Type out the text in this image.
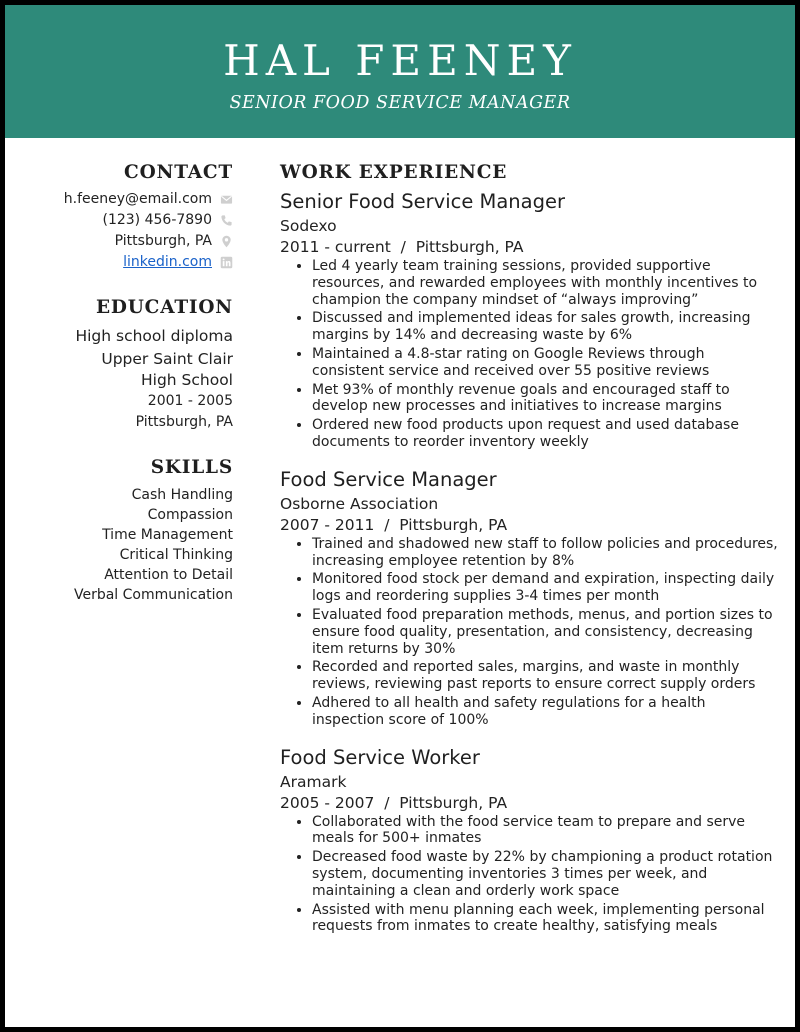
HAL FEENEY
SENIOR FOOD SERVICE MANAGER
CONTACT
h.feeney@email.com
(123) 456-7890
Pittsburgh, PA
linkedin.com
EDUCATION
High school diploma
Upper Saint Clair High School
2001 - 2005
Pittsburgh, PA
SKILLS
Cash Handling
Compassion
Time Management
Critical Thinking
Attention to Detail
Verbal Communication
WORK EXPERIENCE
Senior Food Service Manager
Sodexo
2011 - current  /  Pittsburgh, PA
• Led 4 yearly team training sessions, provided supportive resources, and rewarded employees with monthly incentives to champion the company mindset of “always improving”
• Discussed and implemented ideas for sales growth, increasing margins by 14% and decreasing waste by 6%
• Maintained a 4.8-star rating on Google Reviews through consistent service and received over 55 positive reviews
• Met 93% of monthly revenue goals and encouraged staff to develop new processes and initiatives to increase margins
• Ordered new food products upon request and used database documents to reorder inventory weekly
Food Service Manager
Osborne Association
2007 - 2011  /  Pittsburgh, PA
• Trained and shadowed new staff to follow policies and procedures, increasing employee retention by 8%
• Monitored food stock per demand and expiration, inspecting daily logs and reordering supplies 3-4 times per month
• Evaluated food preparation methods, menus, and portion sizes to ensure food quality, presentation, and consistency, decreasing item returns by 30%
• Recorded and reported sales, margins, and waste in monthly reviews, reviewing past reports to ensure correct supply orders
• Adhered to all health and safety regulations for a health inspection score of 100%
Food Service Worker
Aramark
2005 - 2007  /  Pittsburgh, PA
• Collaborated with the food service team to prepare and serve meals for 500+ inmates
• Decreased food waste by 22% by championing a product rotation system, documenting inventories 3 times per week, and maintaining a clean and orderly work space
• Assisted with menu planning each week, implementing personal requests from inmates to create healthy, satisfying meals
